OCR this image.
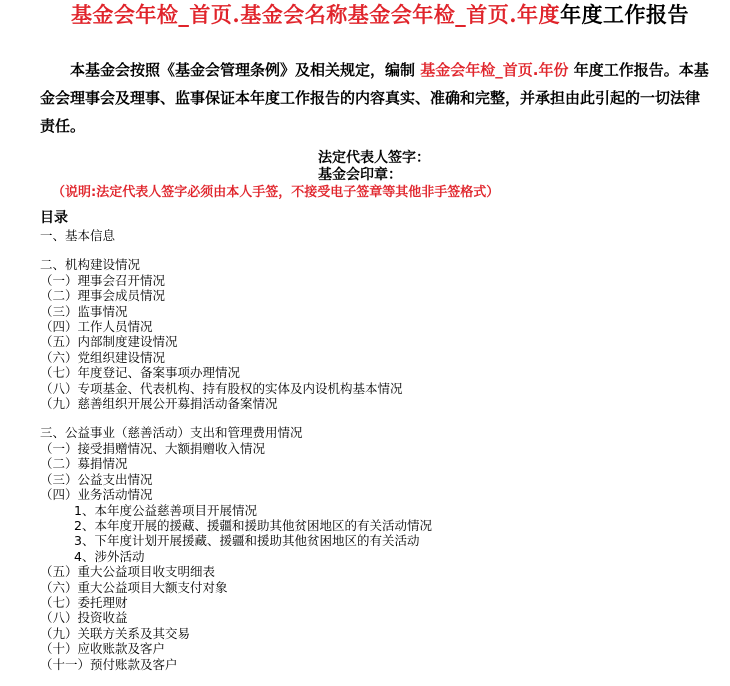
基金会年检_首页.基金会名称基金会年检_首页.年度年度工作报告
本基金会按照《基金会管理条例》及相关规定，编制 基金会年检_首页.年份 年度工作报告。本基金会理事会及理事、监事保证本年度工作报告的内容真实、准确和完整，并承担由此引起的一切法律责任。
法定代表人签字：
基金会印章：
（说明:法定代表人签字必须由本人手签，不接受电子签章等其他非手签格式）
目录
一、基本信息
二、机构建设情况
（一）理事会召开情况
（二）理事会成员情况
（三）监事情况
（四）工作人员情况
（五）内部制度建设情况
（六）党组织建设情况
（七）年度登记、备案事项办理情况
（八）专项基金、代表机构、持有股权的实体及内设机构基本情况
（九）慈善组织开展公开募捐活动备案情况
三、公益事业（慈善活动）支出和管理费用情况
（一）接受捐赠情况、大额捐赠收入情况
（二）募捐情况
（三）公益支出情况
（四）业务活动情况
1、本年度公益慈善项目开展情况
2、本年度开展的援藏、援疆和援助其他贫困地区的有关活动情况
3、下年度计划开展援藏、援疆和援助其他贫困地区的有关活动
4、涉外活动
（五）重大公益项目收支明细表
（六）重大公益项目大额支付对象
（七）委托理财
（八）投资收益
（九）关联方关系及其交易
（十）应收账款及客户
（十一）预付账款及客户
